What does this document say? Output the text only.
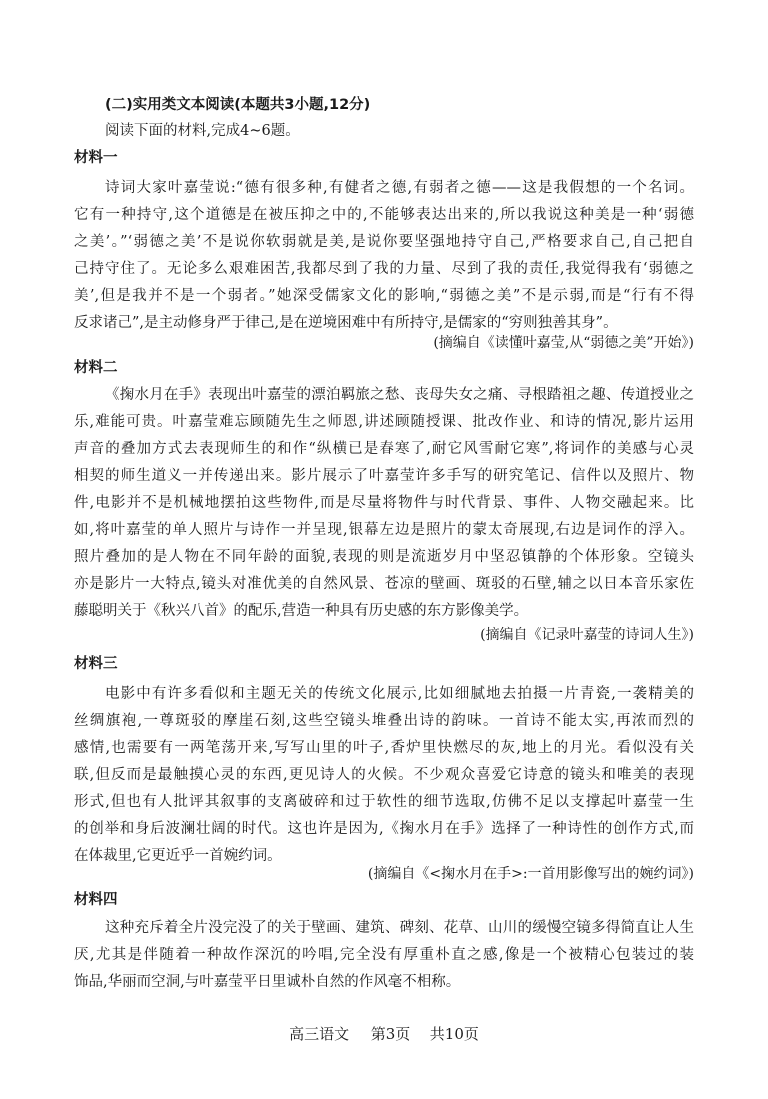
(二)实用类文本阅读(本题共3小题,12分)
阅读下面的材料,完成4~6题。
材料一
诗词大家叶嘉莹说:“德有很多种,有健者之德,有弱者之德——这是我假想的一个名词。
它有一种持守,这个道德是在被压抑之中的,不能够表达出来的,所以我说这种美是一种‘弱德
之美’。”‘弱德之美’不是说你软弱就是美,是说你要坚强地持守自己,严格要求自己,自己把自
己持守住了。无论多么艰难困苦,我都尽到了我的力量、尽到了我的责任,我觉得我有‘弱德之
美’,但是我并不是一个弱者。”她深受儒家文化的影响,“弱德之美”不是示弱,而是“行有不得
反求诸己”,是主动修身严于律己,是在逆境困难中有所持守,是儒家的“穷则独善其身”。
(摘编自《读懂叶嘉莹,从“弱德之美”开始》)
材料二
《掬水月在手》表现出叶嘉莹的漂泊羁旅之愁、丧母失女之痛、寻根踏祖之趣、传道授业之
乐,难能可贵。叶嘉莹难忘顾随先生之师恩,讲述顾随授课、批改作业、和诗的情况,影片运用
声音的叠加方式去表现师生的和作“纵横已是春寒了,耐它风雪耐它寒”,将词作的美感与心灵
相契的师生道义一并传递出来。影片展示了叶嘉莹许多手写的研究笔记、信件以及照片、物
件,电影并不是机械地摆拍这些物件,而是尽量将物件与时代背景、事件、人物交融起来。比
如,将叶嘉莹的单人照片与诗作一并呈现,银幕左边是照片的蒙太奇展现,右边是词作的浮入。
照片叠加的是人物在不同年龄的面貌,表现的则是流逝岁月中坚忍镇静的个体形象。空镜头
亦是影片一大特点,镜头对准优美的自然风景、苍凉的壁画、斑驳的石壁,辅之以日本音乐家佐
藤聪明关于《秋兴八首》的配乐,营造一种具有历史感的东方影像美学。
(摘编自《记录叶嘉莹的诗词人生》)
材料三
电影中有许多看似和主题无关的传统文化展示,比如细腻地去拍摄一片青瓷,一袭精美的
丝绸旗袍,一尊斑驳的摩崖石刻,这些空镜头堆叠出诗的韵味。一首诗不能太实,再浓而烈的
感情,也需要有一两笔荡开来,写写山里的叶子,香炉里快燃尽的灰,地上的月光。看似没有关
联,但反而是最触摸心灵的东西,更见诗人的火候。不少观众喜爱它诗意的镜头和唯美的表现
形式,但也有人批评其叙事的支离破碎和过于软性的细节选取,仿佛不足以支撑起叶嘉莹一生
的创举和身后波澜壮阔的时代。这也许是因为,《掬水月在手》选择了一种诗性的创作方式,而
在体裁里,它更近乎一首婉约词。
(摘编自《<掬水月在手>:一首用影像写出的婉约词》)
材料四
这种充斥着全片没完没了的关于壁画、建筑、碑刻、花草、山川的缓慢空镜多得简直让人生
厌,尤其是伴随着一种故作深沉的吟唱,完全没有厚重朴直之感,像是一个被精心包装过的装
饰品,华丽而空洞,与叶嘉莹平日里诚朴自然的作风毫不相称。
高三语文 第3页 共10页
